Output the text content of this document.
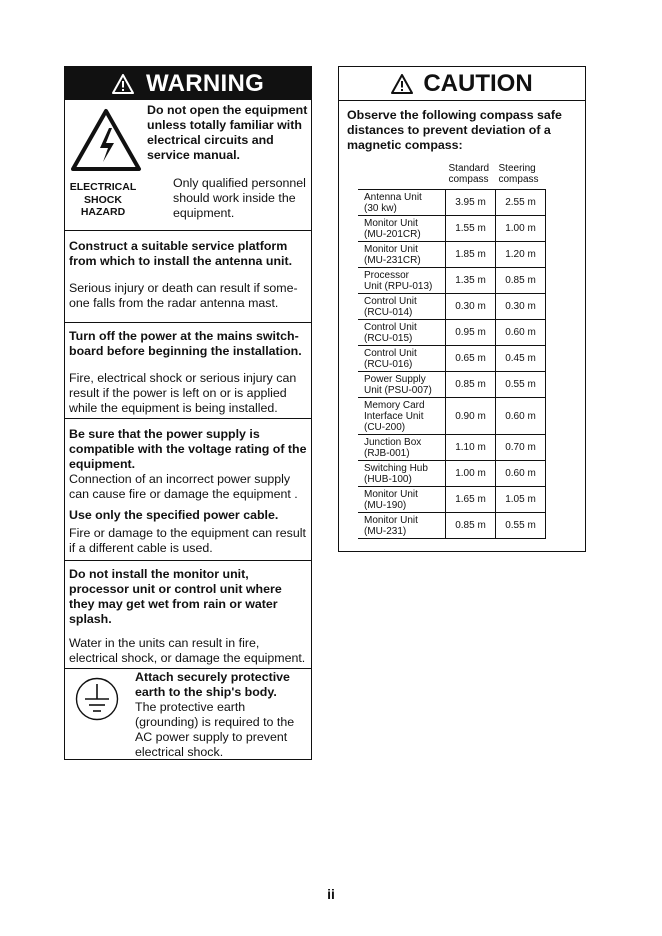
WARNING
Do not open the equipment unless totally familiar with electrical circuits and service manual.
ELECTRICAL
SHOCK
HAZARD
Only qualified personnel should work inside the equipment.
Construct a suitable service platform from which to install the antenna unit.
Serious injury or death can result if some-one falls from the radar antenna mast.
Turn off the power at the mains switch-board before beginning the installation.
Fire, electrical shock or serious injury can result if the power is left on or is applied while the equipment is being installed.
Be sure that the power supply is compatible with the voltage rating of the equipment.
Connection of an incorrect power supply can cause fire or damage the equipment .
Use only the specified power cable.
Fire or damage to the equipment can result if a different cable is used.
Do not install the monitor unit, processor unit or control unit where they may get wet from rain or water splash.
Water in the units can result in fire, electrical shock, or damage the equipment.
Attach securely protective earth to the ship's body.
The protective earth (grounding) is required to the AC power supply to prevent electrical shock.
CAUTION
Observe the following compass safe distances to prevent deviation of a magnetic compass:
	Standard compass	Steering compass

Antenna Unit
(30 kw)	3.95 m	2.55 m

Monitor Unit
(MU-201CR)	1.55 m	1.00 m

Monitor Unit
(MU-231CR)	1.85 m	1.20 m

Processor
Unit (RPU-013)	1.35 m	0.85 m

Control Unit
(RCU-014)	0.30 m	0.30 m

Control Unit
(RCU-015)	0.95 m	0.60 m

Control Unit
(RCU-016)	0.65 m	0.45 m

Power Supply
Unit (PSU-007)	0.85 m	0.55 m

Memory Card
Interface Unit
(CU-200)	0.90 m	0.60 m

Junction Box
(RJB-001)	1.10 m	0.70 m

Switching Hub
(HUB-100)	1.00 m	0.60 m

Monitor Unit
(MU-190)	1.65 m	1.05 m

Monitor Unit
(MU-231)	0.85 m	0.55 m
ii
